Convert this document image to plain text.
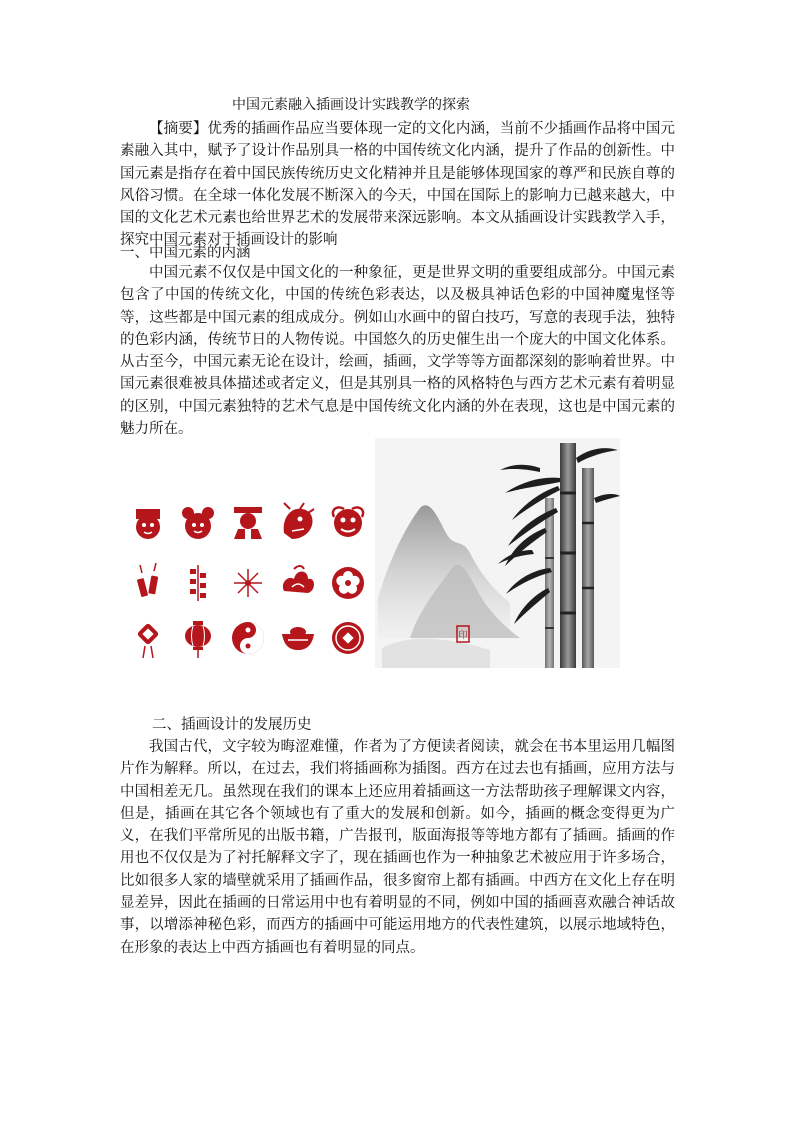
中国元素融入插画设计实践教学的探索

【摘要】优秀的插画作品应当要体现一定的文化内涵，当前不少插画作品将中国元素融入其中，赋予了设计作品别具一格的中国传统文化内涵，提升了作品的创新性。中国元素是指存在着中国民族传统历史文化精神并且是能够体现国家的尊严和民族自尊的风俗习惯。在全球一体化发展不断深入的今天，中国在国际上的影响力已越来越大，中国的文化艺术元素也给世界艺术的发展带来深远影响。本文从插画设计实践教学入手，探究中国元素对于插画设计的影响

一、中国元素的内涵

中国元素不仅仅是中国文化的一种象征，更是世界文明的重要组成部分。中国元素包含了中国的传统文化，中国的传统色彩表达，以及极具神话色彩的中国神魔鬼怪等等，这些都是中国元素的组成成分。例如山水画中的留白技巧，写意的表现手法，独特的色彩内涵，传统节日的人物传说。中国悠久的历史催生出一个庞大的中国文化体系。从古至今，中国元素无论在设计，绘画，插画，文学等等方面都深刻的影响着世界。中国元素很难被具体描述或者定义，但是其别具一格的风格特色与西方艺术元素有着明显的区别，中国元素独特的艺术气息是中国传统文化内涵的外在表现，这也是中国元素的魅力所在。

印

二、插画设计的发展历史

我国古代，文字较为晦涩难懂，作者为了方便读者阅读，就会在书本里运用几幅图片作为解释。所以，在过去，我们将插画称为插图。西方在过去也有插画，应用方法与中国相差无几。虽然现在我们的课本上还应用着插画这一方法帮助孩子理解课文内容，但是，插画在其它各个领域也有了重大的发展和创新。如今，插画的概念变得更为广义，在我们平常所见的出版书籍，广告报刊，版面海报等等地方都有了插画。插画的作用也不仅仅是为了衬托解释文字了，现在插画也作为一种抽象艺术被应用于许多场合，比如很多人家的墙壁就采用了插画作品，很多窗帘上都有插画。中西方在文化上存在明显差异，因此在插画的日常运用中也有着明显的不同，例如中国的插画喜欢融合神话故事，以增添神秘色彩，而西方的插画中可能运用地方的代表性建筑，以展示地域特色，在形象的表达上中西方插画也有着明显的同点。
